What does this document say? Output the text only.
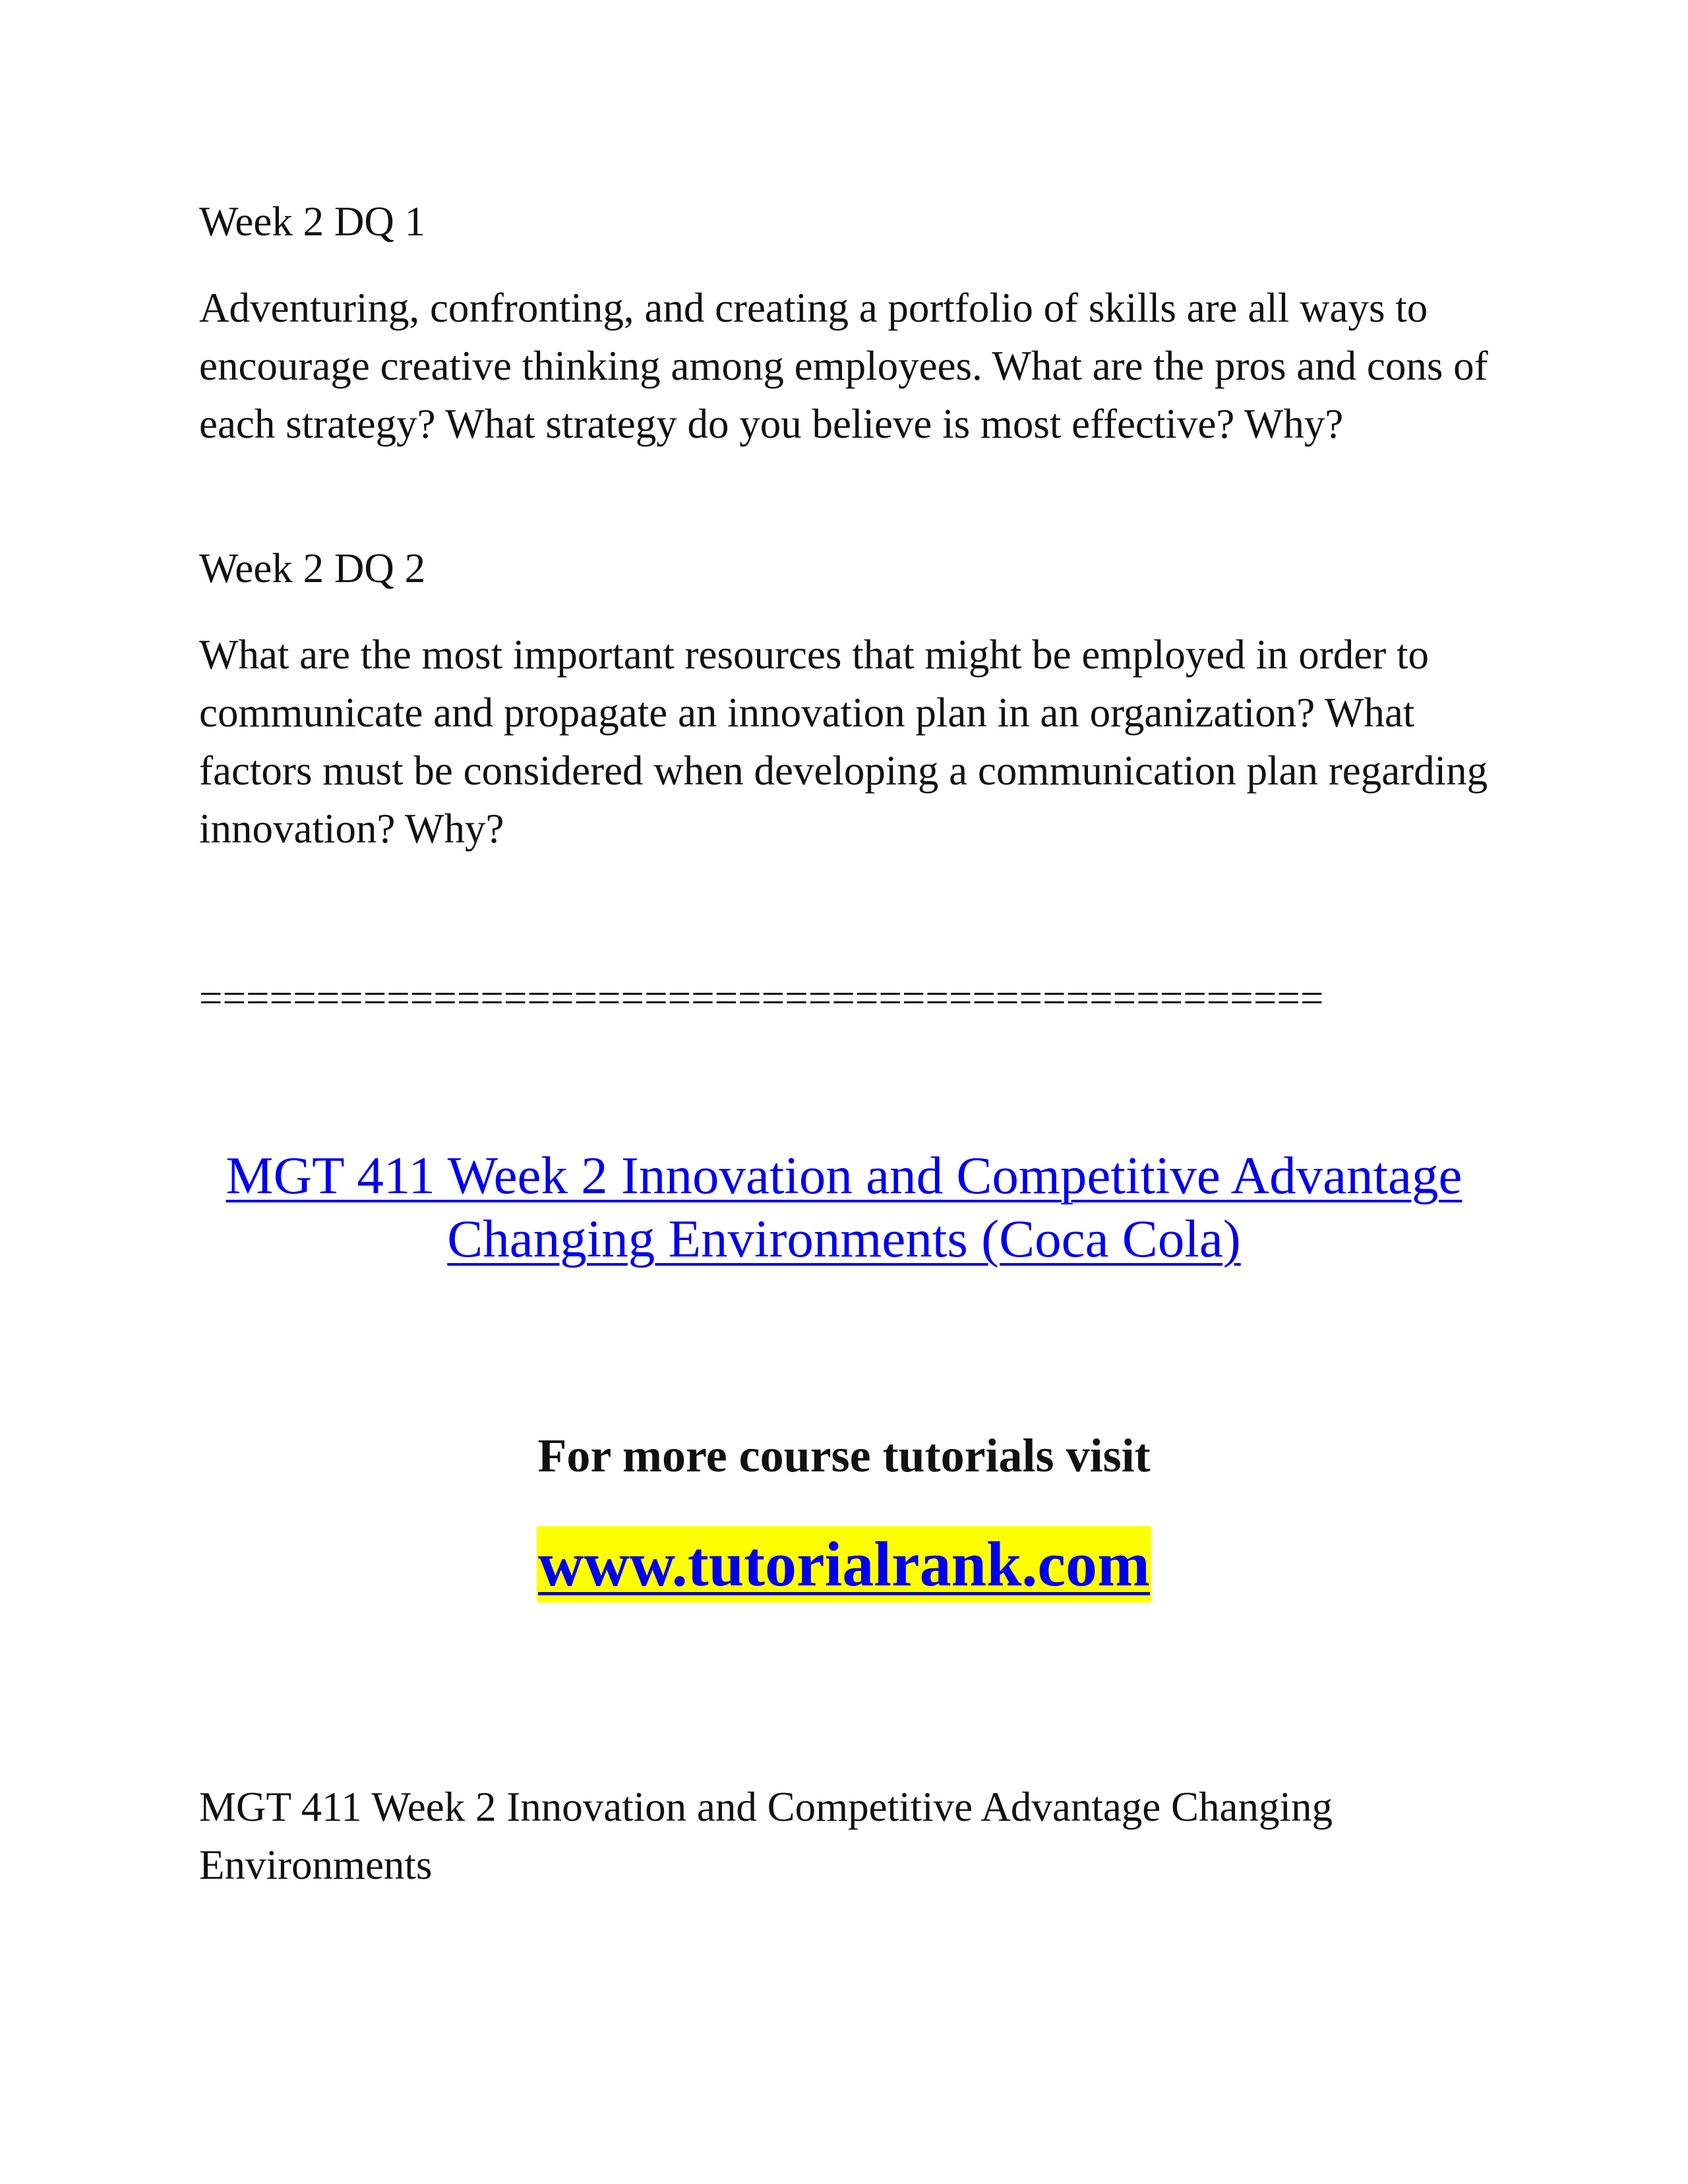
Week 2 DQ 1

Adventuring, confronting, and creating a portfolio of skills are all ways to encourage creative thinking among employees. What are the pros and cons of each strategy? What strategy do you believe is most effective? Why?

Week 2 DQ 2

What are the most important resources that might be employed in order to communicate and propagate an innovation plan in an organization? What factors must be considered when developing a communication plan regarding innovation? Why?

================================================
MGT 411 Week 2 Innovation and Competitive Advantage
Changing Environments (Coca Cola)
For more course tutorials visit
www.tutorialrank.com

MGT 411 Week 2 Innovation and Competitive Advantage Changing Environments
